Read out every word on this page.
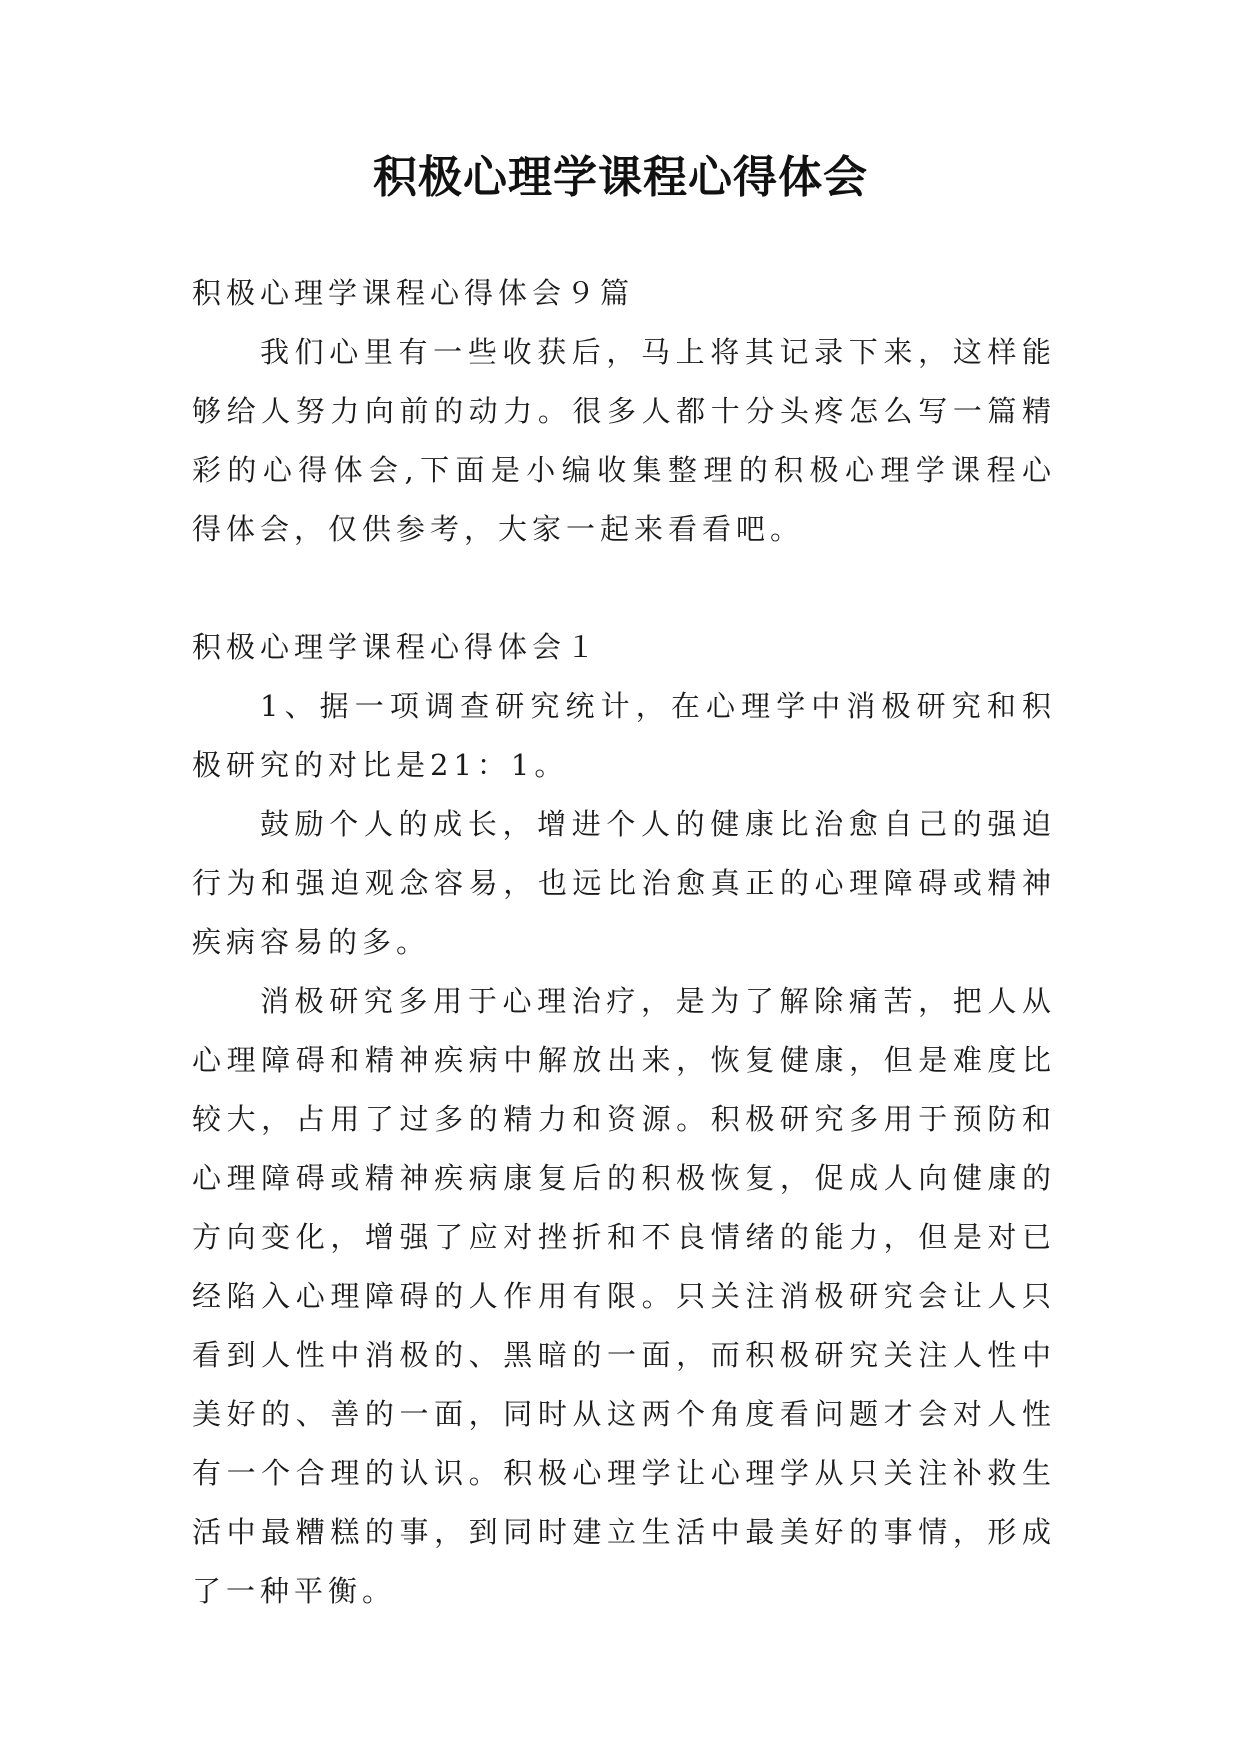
积极心理学课程心得体会

积极心理学课程心得体会９篇

我们心里有一些收获后，马上将其记录下来，这样能够给人努力向前的动力。很多人都十分头疼怎么写一篇精彩的心得体会,下面是小编收集整理的积极心理学课程心得体会，仅供参考，大家一起来看看吧。

积极心理学课程心得体会１

1、据一项调查研究统计，在心理学中消极研究和积极研究的对比是21：1。

鼓励个人的成长，增进个人的健康比治愈自己的强迫行为和强迫观念容易，也远比治愈真正的心理障碍或精神疾病容易的多。

消极研究多用于心理治疗，是为了解除痛苦，把人从心理障碍和精神疾病中解放出来，恢复健康，但是难度比较大，占用了过多的精力和资源。积极研究多用于预防和心理障碍或精神疾病康复后的积极恢复，促成人向健康的方向变化，增强了应对挫折和不良情绪的能力，但是对已经陷入心理障碍的人作用有限。只关注消极研究会让人只看到人性中消极的、黑暗的一面，而积极研究关注人性中美好的、善的一面，同时从这两个角度看问题才会对人性有一个合理的认识。积极心理学让心理学从只关注补救生活中最糟糕的事，到同时建立生活中最美好的事情，形成了一种平衡。
